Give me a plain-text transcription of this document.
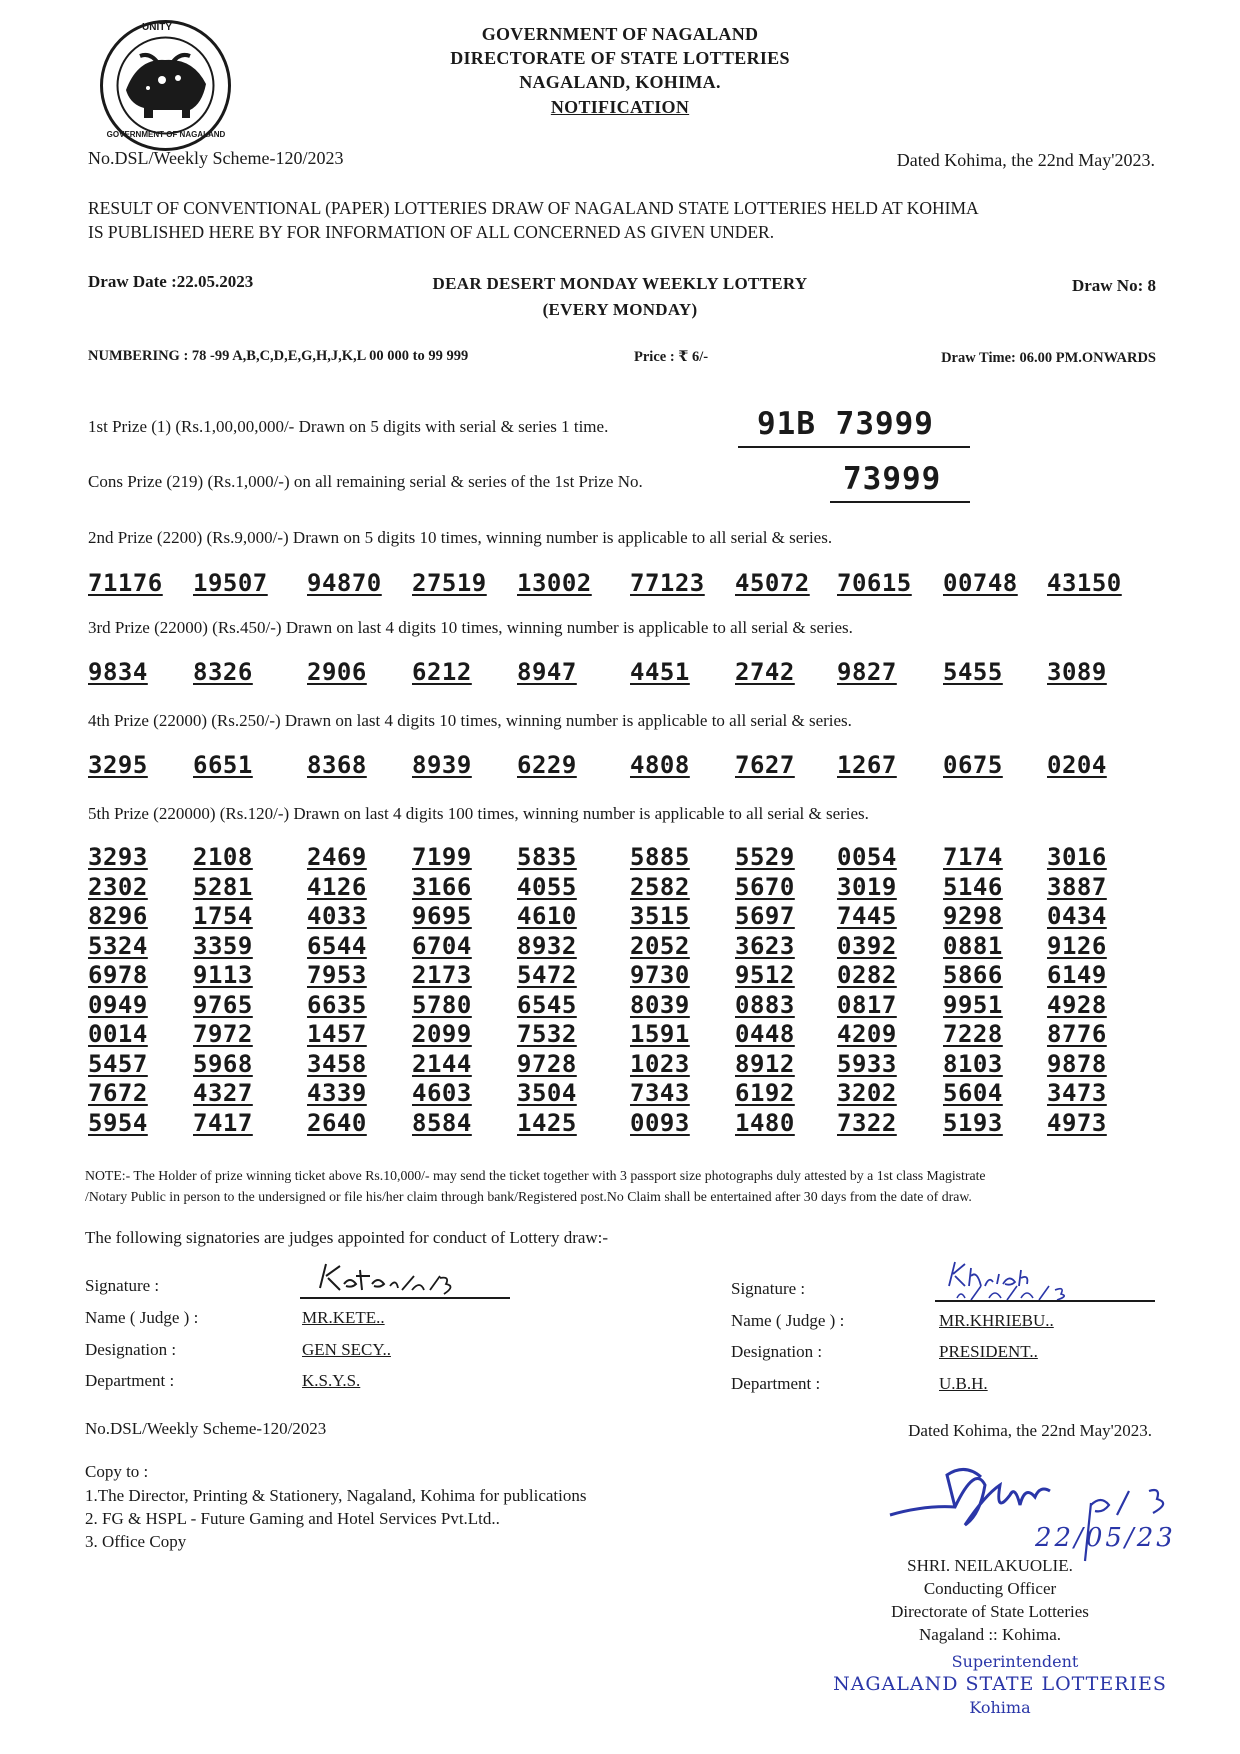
UNITY
GOVERNMENT OF NAGALAND
GOVERNMENT OF NAGALAND
DIRECTORATE OF STATE LOTTERIES
NAGALAND, KOHIMA.
NOTIFICATION
No.DSL/Weekly Scheme-120/2023	Dated Kohima, the 22nd May'2023.
RESULT OF CONVENTIONAL (PAPER) LOTTERIES DRAW OF NAGALAND STATE LOTTERIES HELD AT KOHIMA
IS PUBLISHED HERE BY FOR INFORMATION OF ALL CONCERNED AS GIVEN UNDER.
Draw Date :22.05.2023	DEAR DESERT MONDAY WEEKLY LOTTERY
(EVERY MONDAY)
Draw No: 8
NUMBERING : 78 -99 A,B,C,D,E,G,H,J,K,L 00 000 to 99 999	Price : ₹ 6/-	Draw Time: 06.00 PM.ONWARDS
1st Prize (1) (Rs.1,00,00,000/- Drawn on 5 digits with serial & series 1 time.	91B 73999
Cons Prize (219) (Rs.1,000/-) on all remaining serial & series of the 1st Prize No.	73999
2nd Prize (2200) (Rs.9,000/-) Drawn on 5 digits 10 times, winning number is applicable to all serial & series.
71176 19507 94870 27519 13002 77123 45072 70615 00748 43150
3rd Prize (22000) (Rs.450/-) Drawn on last 4 digits 10 times, winning number is applicable to all serial & series.
9834 8326 2906 6212 8947 4451 2742 9827 5455 3089
4th Prize (22000) (Rs.250/-) Drawn on last 4 digits 10 times, winning number is applicable to all serial & series.
3295 6651 8368 8939 6229 4808 7627 1267 0675 0204
5th Prize (220000) (Rs.120/-) Drawn on last 4 digits 100 times, winning number is applicable to all serial & series.
3293 2108 2469 7199 5835 5885 5529 0054 7174 3016
2302 5281 4126 3166 4055 2582 5670 3019 5146 3887
8296 1754 4033 9695 4610 3515 5697 7445 9298 0434
5324 3359 6544 6704 8932 2052 3623 0392 0881 9126
6978 9113 7953 2173 5472 9730 9512 0282 5866 6149
0949 9765 6635 5780 6545 8039 0883 0817 9951 4928
0014 7972 1457 2099 7532 1591 0448 4209 7228 8776
5457 5968 3458 2144 9728 1023 8912 5933 8103 9878
7672 4327 4339 4603 3504 7343 6192 3202 5604 3473
5954 7417 2640 8584 1425 0093 1480 7322 5193 4973
NOTE:- The Holder of prize winning ticket above Rs.10,000/- may send the ticket together with 3 passport size photographs duly attested by a 1st class Magistrate
/Notary Public in person to the undersigned or file his/her claim through bank/Registered post.No Claim shall be entertained after 30 days from the date of draw.
The following signatories are judges appointed for conduct of Lottery draw:-
Signature :
Name ( Judge ) :	MR.KETE..
Designation :	GEN SECY..
Department :	K.S.Y.S.
Signature :
Name ( Judge ) :	MR.KHRIEBU..
Designation :	PRESIDENT..
Department :	U.B.H.
No.DSL/Weekly Scheme-120/2023	Dated Kohima, the 22nd May'2023.
Copy to :
1.The Director, Printing & Stationery, Nagaland, Kohima for publications
2. FG & HSPL - Future Gaming and Hotel Services Pvt.Ltd..
3. Office Copy	22/05/23
SHRI. NEILAKUOLIE.
Conducting Officer
Directorate of State Lotteries
Nagaland :: Kohima.
Superintendent
NAGALAND STATE LOTTERIES
Kohima
